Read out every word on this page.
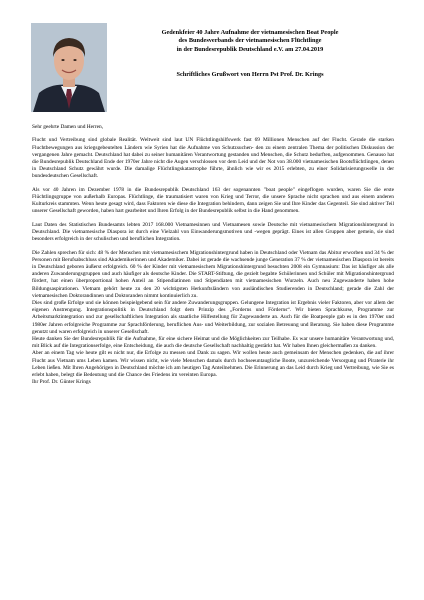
Gedenkfeier 40 Jahre Aufnahme der vietnamesischen Boat People
des Bundesverbands der vietnamesischen Flüchtlinge
in der Bundesrepublik Deutschland e.V. am 27.04.2019
Schriftliches Grußwort von Herrn Pst Prof. Dr. Krings

Sehr geehrte Damen und Herren,

Flucht und Vertreibung sind globale Realität. Weltweit sind laut UN Flüchtlingshilfswerk fast 69 Millionen Menschen auf der Flucht. Gerade die starken Fluchtbewegungen aus kriegsgebeutelten Ländern wie Syrien hat die Aufnahme von Schutzsuchen- den zu einem zentralen Thema der politischen Diskussion der vergangenen Jahre gemacht. Deutschland hat dabei zu seiner humanitären Verantwortung gestanden und Menschen, die Schutz bedurften, aufgenommen. Genauso hat die Bundesrepublik Deutschland Ende der 1970er Jahre nicht die Augen verschlossen vor dem Leid und der Not von 38.000 vietnamesischen Bootsflüchtlingen, denen in Deutschland Schutz gewährt wurde. Die damalige Flüchtlingskatastrophe führte, ähnlich wie wir es 2015 erlebten, zu einer Solidarisierungswelle in der bundesdeutschen Gesellschaft.

Als vor 40 Jahren im Dezember 1978 in die Bundesrepublik Deutschland 163 der sogenannten "boat people" eingeflogen wurden, waren Sie die erste Flüchtlingsgruppe von außerhalb Europas. Flüchtlinge, die traumatisiert waren von Krieg und Terror, die unsere Sprache nicht sprachen und aus einem anderen Kulturkreis stammten. Wenn heute gesagt wird, dass Faktoren wie diese die Integration behindern, dann zeigen Sie und Ihre Kinder das Gegenteil. Sie sind aktiver Teil unserer Gesellschaft geworden, haben hart gearbeitet und Ihren Erfolg in der Bundesrepublik selbst in die Hand genommen.

Laut Daten des Statistischen Bundesamts lebten 2017 168.000 Vietnamesinnen und Vietnamesen sowie Deutsche mit vietnamesischem Migrationshintergrund in Deutschland. Die vietnamesische Diaspora ist durch eine Vielzahl von Einwanderungsmotiven und -wegen geprägt. Eines ist allen Gruppen aber gemein, sie sind besonders erfolgreich in der schulischen und beruflichen Integration.

Die Zahlen sprechen für sich: 48 % der Menschen mit vietnamesischem Migrationshintergrund haben in Deutschland oder Vietnam das Abitur erworben und 34 % der Personen mit Berufsabschluss sind Akademikerinnen und Akademiker. Dabei ist gerade die wachsende junge Generation 37 % der vietnamesischen Diaspora ist bereits in Deutschland geboren äußerst erfolgreich. 60 % der Kinder mit vietnamesischem Migrationshintergrund besuchten 2008 ein Gymnasium: Das ist häufiger als alle anderen Zuwanderungsgruppen und auch häufiger als deutsche Kinder. Die START-Stiftung, die gezielt begabte Schülerinnen und Schüler mit Migrationshintergrund fördert, hat einen überproportional hohen Anteil an Stipendiatinnen und Stipendiaten mit vietnamesischen Wurzeln. Auch neu Zugewanderte haben hohe Bildungsaspirationen. Vietnam gehört heute zu den 20 wichtigsten Herkunftsländern von ausländischen Studierenden in Deutschland; gerade die Zahl der vietnamesischen Doktorandinnen und Doktoranden nimmt kontinuierlich zu.

Dies sind große Erfolge und sie können beispielgebend sein für andere Zuwanderungsgruppen. Gelungene Integration ist Ergebnis vieler Faktoren, aber vor allem der eigenen Anstrengung. Integrationspolitik in Deutschland folgt dem Prinzip des „Forderns und Förderns“. Wir bieten Sprachkurse, Programme zur Arbeitsmarktintegration und zur gesellschaftlichen Integration als staatliche Hilfestellung für Zugewanderte an. Auch für die Boatpeople gab es in den 1970er und 1980er Jahren erfolgreiche Programme zur Sprachförderung, beruflichen Aus- und Weiterbildung, zur sozialen Betreuung und Beratung. Sie haben diese Programme genutzt und waren erfolgreich in unserer Gesellschaft.

Heute danken Sie der Bundesrepublik für die Aufnahme, für eine sichere Heimat und die Möglichkeiten zur Teilhabe. Es war unsere humanitäre Verantwortung und, mit Blick auf die Integrationserfolge, eine Entscheidung, die auch die deutsche Gesellschaft nachhaltig gestärkt hat. Wir haben Ihnen gleichermaßen zu danken.

Aber an einem Tag wie heute gilt es nicht nur, die Erfolge zu messen und Dank zu sagen. Wir wollen heute auch gemeinsam der Menschen gedenken, die auf ihrer Flucht aus Vietnam ums Leben kamen. Wir wissen nicht, wie viele Menschen damals durch hochseeuntaugliche Boote, unzureichende Versorgung und Piraterie ihr Leben ließen. Mit Ihren Angehörigen in Deutschland möchte ich am heutigen Tag Anteilnehmen. Die Erinnerung an das Leid durch Krieg und Vertreibung, wie Sie es erlebt haben, belegt die Bedeutung und die Chance des Friedens im vereinten Europa.

Ihr Prof. Dr. Günter Krings
